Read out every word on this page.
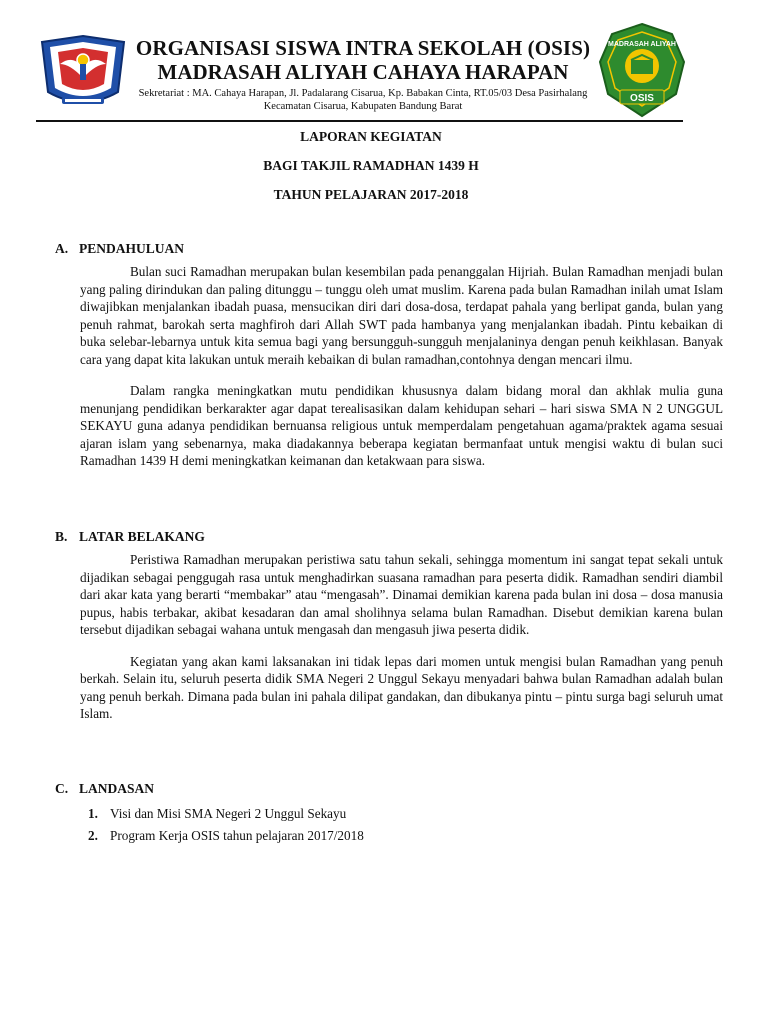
ORGANISASI SISWA INTRA SEKOLAH (OSIS)
MADRASAH ALIYAH CAHAYA HARAPAN
Sekretariat : MA. Cahaya Harapan, Jl. Padalarang Cisarua, Kp. Babakan Cinta, RT.05/03 Desa Pasirhalang
Kecamatan Cisarua, Kabupaten Bandung Barat
MADRASAH ALIYAH
OSIS
LAPORAN KEGIATAN
BAGI TAKJIL RAMADHAN 1439 H
TAHUN PELAJARAN 2017-2018
A. PENDAHULUAN

Bulan suci Ramadhan merupakan bulan kesembilan pada penanggalan Hijriah. Bulan Ramadhan menjadi bulan yang paling dirindukan dan paling ditunggu – tunggu oleh umat muslim. Karena pada bulan Ramadhan inilah umat Islam diwajibkan menjalankan ibadah puasa, mensucikan diri dari dosa-dosa, terdapat pahala yang berlipat ganda, bulan yang penuh rahmat, barokah serta maghfiroh dari Allah SWT pada hambanya yang menjalankan ibadah. Pintu kebaikan di buka selebar-lebarnya untuk kita semua bagi yang bersungguh-sungguh menjalaninya dengan penuh keikhlasan. Banyak cara yang dapat kita lakukan untuk meraih kebaikan di bulan ramadhan,contohnya dengan mencari ilmu.

Dalam rangka meningkatkan mutu pendidikan khususnya dalam bidang moral dan akhlak mulia guna menunjang pendidikan berkarakter agar dapat terealisasikan dalam kehidupan sehari – hari siswa SMA N 2 UNGGUL SEKAYU guna adanya pendidikan bernuansa religious untuk memperdalam pengetahuan agama/praktek agama sesuai ajaran islam yang sebenarnya, maka diadakannya beberapa kegiatan bermanfaat untuk mengisi waktu di bulan suci Ramadhan 1439 H demi meningkatkan keimanan dan ketakwaan para siswa.

B. LATAR BELAKANG

Peristiwa Ramadhan merupakan peristiwa satu tahun sekali, sehingga momentum ini sangat tepat sekali untuk dijadikan sebagai penggugah rasa untuk menghadirkan suasana ramadhan para peserta didik. Ramadhan sendiri diambil dari akar kata yang berarti “membakar” atau “mengasah”. Dinamai demikian karena pada bulan ini dosa – dosa manusia pupus, habis terbakar, akibat kesadaran dan amal sholihnya selama bulan Ramadhan. Disebut demikian karena bulan tersebut dijadikan sebagai wahana untuk mengasah dan mengasuh jiwa peserta didik.

Kegiatan yang akan kami laksanakan ini tidak lepas dari momen untuk mengisi bulan Ramadhan yang penuh berkah. Selain itu, seluruh peserta didik SMA Negeri 2 Unggul Sekayu menyadari bahwa bulan Ramadhan adalah bulan yang penuh berkah. Dimana pada bulan ini pahala dilipat gandakan, dan dibukanya pintu – pintu surga bagi seluruh umat Islam.

C. LANDASAN
1. Visi dan Misi SMA Negeri 2 Unggul Sekayu
2. Program Kerja OSIS tahun pelajaran 2017/2018
